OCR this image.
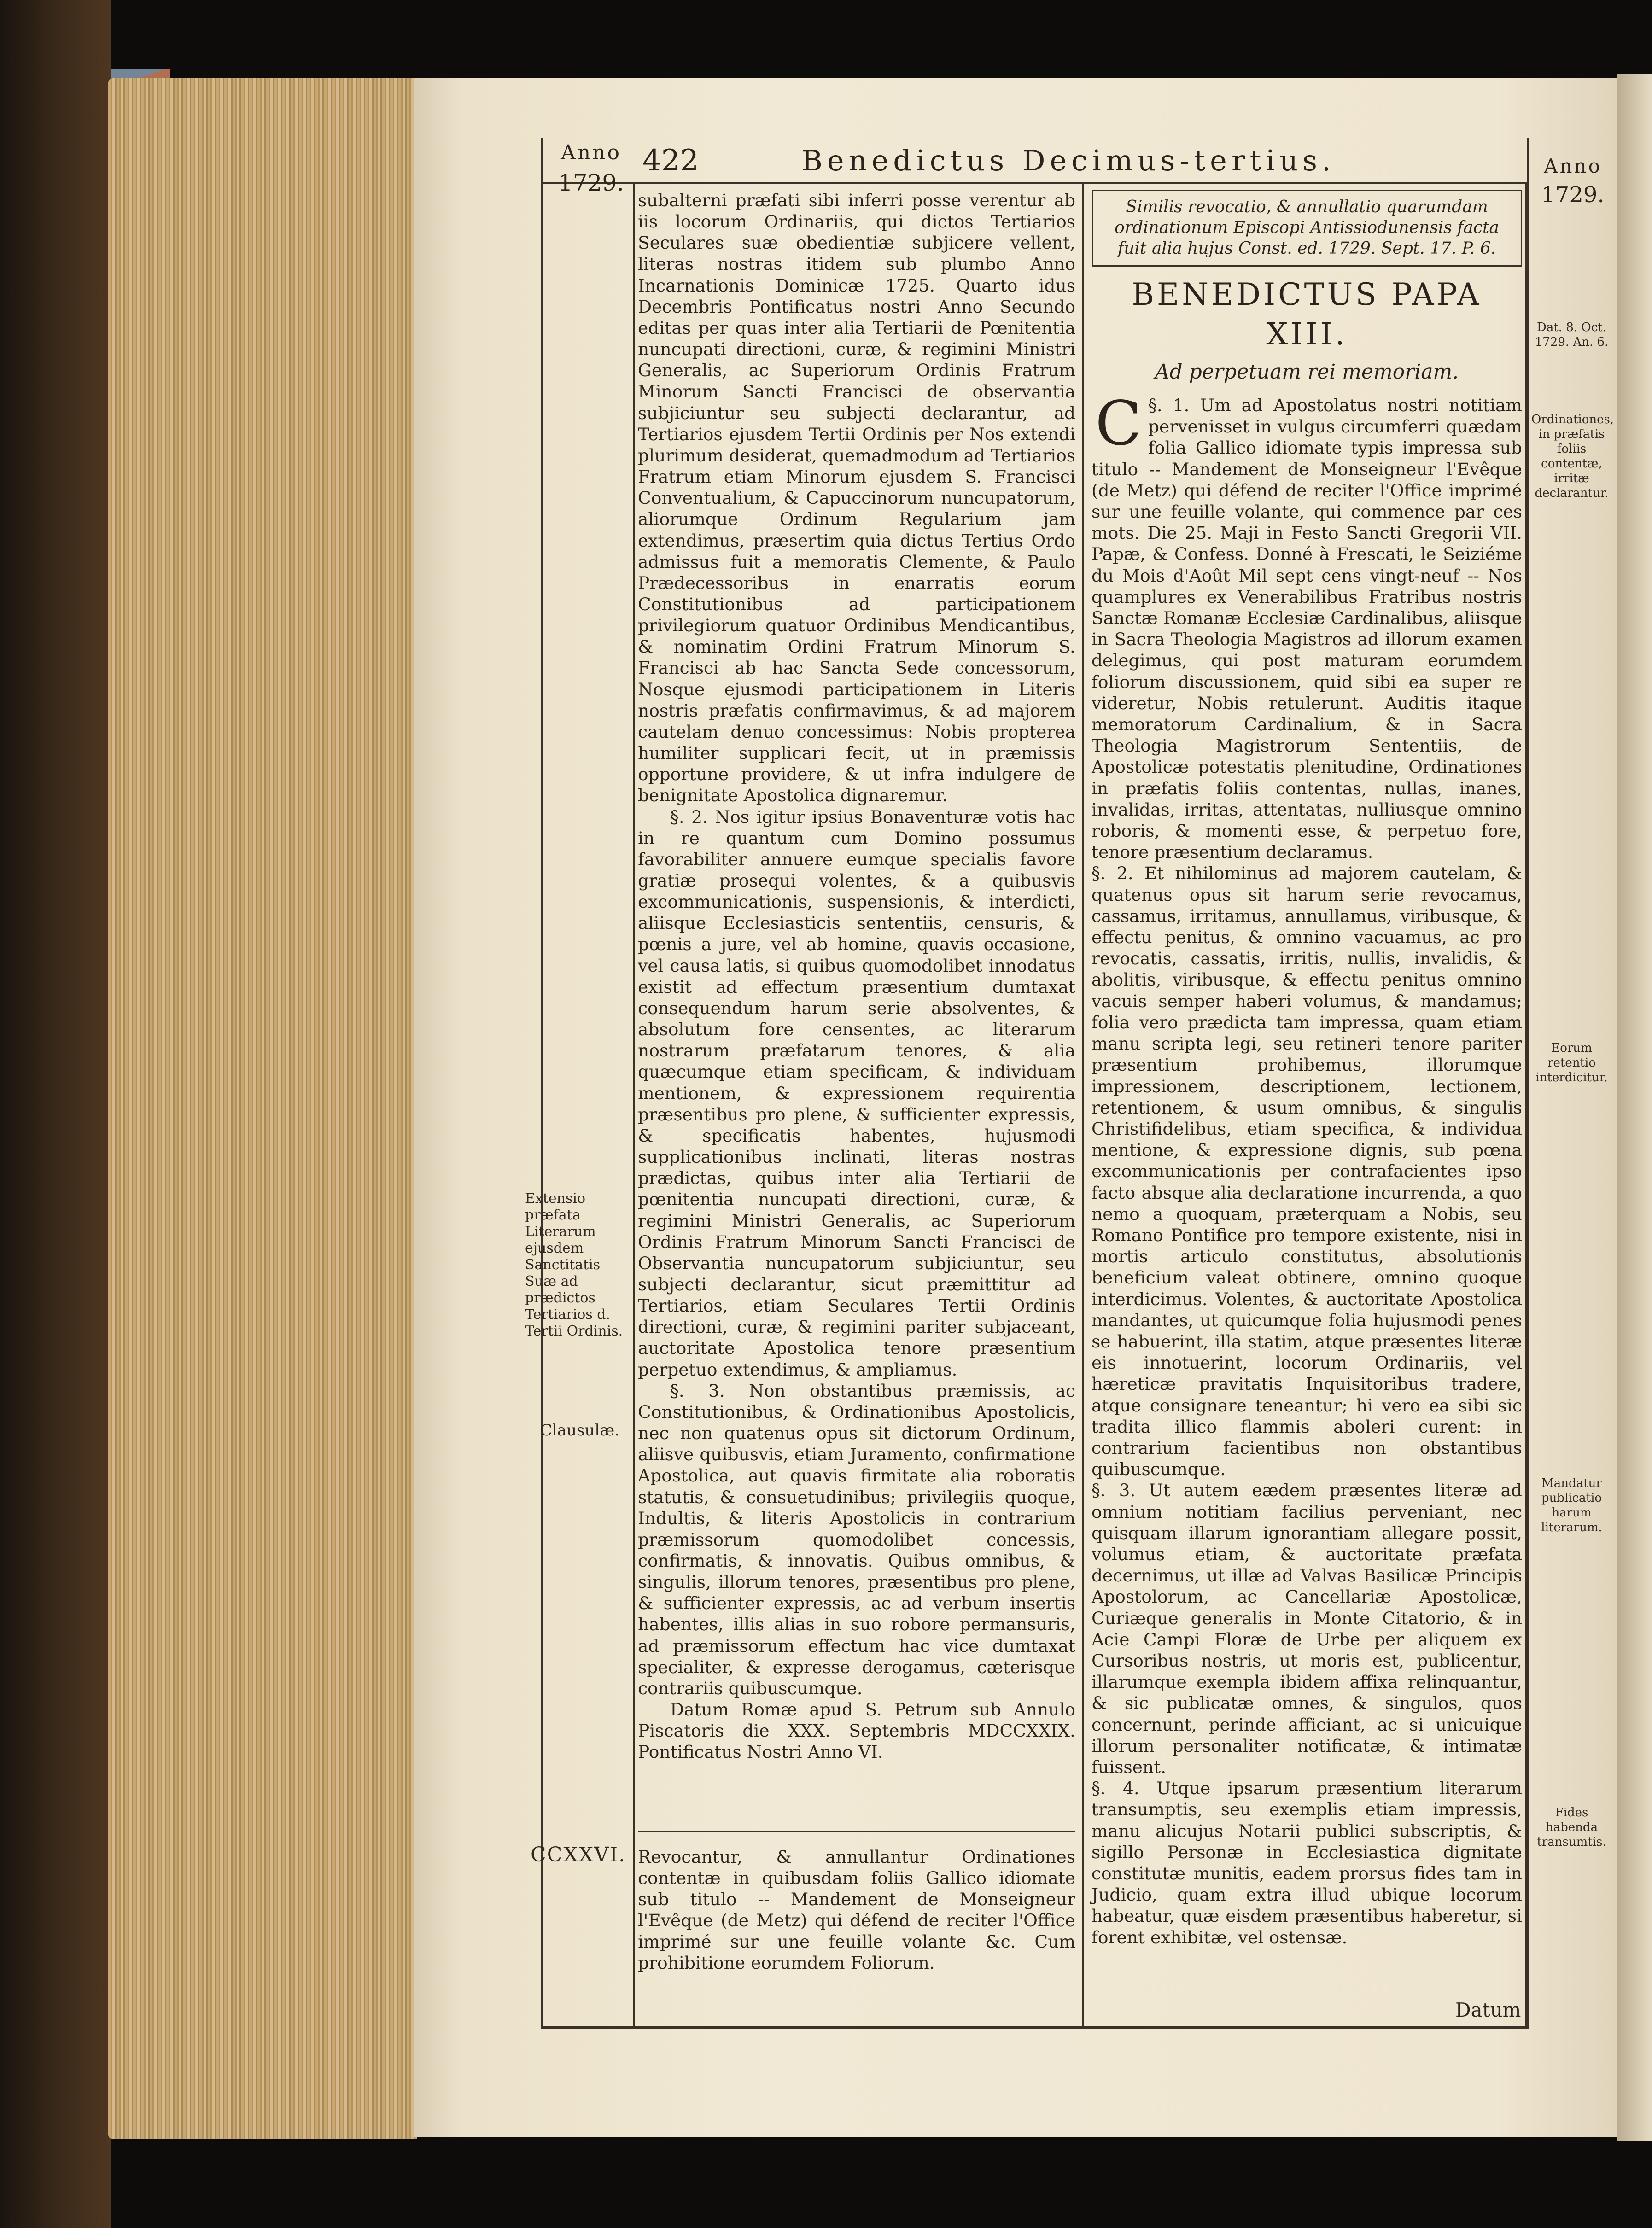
Anno
1729.
422	Benedictus Decimus-tertius.	Anno
1729.

subalterni præfati sibi inferri posse verentur ab iis locorum Ordinariis, qui dictos Tertiarios Seculares suæ obedientiæ subjicere vellent, literas nostras itidem sub plumbo Anno Incarnationis Dominicæ 1725. Quarto idus Decembris Pontificatus nostri Anno Secundo editas per quas inter alia Tertiarii de Pœnitentia nuncupati directioni, curæ, & regimini Ministri Generalis, ac Superiorum Ordinis Fratrum Minorum Sancti Francisci de observantia subjiciuntur seu subjecti declarantur, ad Tertiarios ejusdem Tertii Ordinis per Nos extendi plurimum desiderat, quemadmodum ad Tertiarios Fratrum etiam Minorum ejusdem S. Francisci Conventualium, & Capuccinorum nuncupatorum, aliorumque Ordinum Regularium jam extendimus, præsertim quia dictus Tertius Ordo admissus fuit a memoratis Clemente, & Paulo Prædecessoribus in enarratis eorum Constitutionibus ad participationem privilegiorum quatuor Ordinibus Mendicantibus, & nominatim Ordini Fratrum Minorum S. Francisci ab hac Sancta Sede concessorum, Nosque ejusmodi participationem in Literis nostris præfatis confirmavimus, & ad majorem cautelam denuo concessimus: Nobis propterea humiliter supplicari fecit, ut in præmissis opportune providere, & ut infra indulgere de benignitate Apostolica dignaremur.

§. 2. Nos igitur ipsius Bonaventuræ votis hac in re quantum cum Domino possumus favorabiliter annuere eumque specialis favore gratiæ prosequi volentes, & a quibusvis excommunicationis, suspensionis, & interdicti, aliisque Ecclesiasticis sententiis, censuris, & pœnis a jure, vel ab homine, quavis occasione, vel causa latis, si quibus quomodolibet innodatus existit ad effectum præsentium dumtaxat consequendum harum serie absolventes, & absolutum fore censentes, ac literarum nostrarum præfatarum tenores, & alia quæcumque etiam specificam, & individuam mentionem, & expressionem requirentia præsentibus pro plene, & sufficienter expressis, & specificatis habentes, hujusmodi supplicationibus inclinati, literas nostras prædictas, quibus inter alia Tertiarii de pœnitentia nuncupati directioni, curæ, & regimini Ministri Generalis, ac Superiorum Ordinis Fratrum Minorum Sancti Francisci de Observantia nuncupatorum subjiciuntur, seu subjecti declarantur, sicut præmittitur ad Tertiarios, etiam Seculares Tertii Ordinis directioni, curæ, & regimini pariter subjaceant, auctoritate Apostolica tenore præsentium perpetuo extendimus, & ampliamus.

§. 3. Non obstantibus præmissis, ac Constitutionibus, & Ordinationibus Apostolicis, nec non quatenus opus sit dictorum Ordinum, aliisve quibusvis, etiam Juramento, confirmatione Apostolica, aut quavis firmitate alia roboratis statutis, & consuetudinibus; privilegiis quoque, Indultis, & literis Apostolicis in contrarium præmissorum quomodolibet concessis, confirmatis, & innovatis. Quibus omnibus, & singulis, illorum tenores, præsentibus pro plene, & sufficienter expressis, ac ad verbum insertis habentes, illis alias in suo robore permansuris, ad præmissorum effectum hac vice dumtaxat specialiter, & expresse derogamus, cæterisque contrariis quibuscumque.

Datum Romæ apud S. Petrum sub Annulo Piscatoris die XXX. Septembris MDCCXXIX. Pontificatus Nostri Anno VI.

Revocantur, & annullantur Ordinationes contentæ in quibusdam foliis Gallico idiomate sub titulo -- Mandement de Monseigneur l'Evêque (de Metz) qui défend de reciter l'Office imprimé sur une feuille volante &c. Cum prohibitione eorumdem Foliorum.
Similis revocatio, & annullatio quarumdam ordinationum Episcopi Antissiodunensis facta fuit alia hujus Const. ed. 1729. Sept. 17. P. 6.
BENEDICTUS PAPA XIII.
Ad perpetuam rei memoriam.

§. 1.
C	Um ad Apostolatus nostri notitiam pervenisset in vulgus circumferri quædam folia Gallico idiomate typis impressa sub titulo -- Mandement de Monseigneur l'Evêque (de Metz) qui défend de reciter l'Office imprimé sur une feuille volante, qui commence par ces mots. Die 25. Maji in Festo Sancti Gregorii VII. Papæ, & Confess. Donné à Frescati, le Seiziéme du Mois d'Août Mil sept cens vingt-neuf -- Nos quamplures ex Venerabilibus Fratribus nostris Sanctæ Romanæ Ecclesiæ Cardinalibus, aliisque in Sacra Theologia Magistros ad illorum examen delegimus, qui post maturam eorumdem foliorum discussionem, quid sibi ea super re videretur, Nobis retulerunt. Auditis itaque memoratorum Cardinalium, & in Sacra Theologia Magistrorum Sententiis, de Apostolicæ potestatis plenitudine, Ordinationes in præfatis foliis contentas, nullas, inanes, invalidas, irritas, attentatas, nulliusque omnino roboris, & momenti esse, & perpetuo fore, tenore præsentium declaramus.

§. 2. Et nihilominus ad majorem cautelam, & quatenus opus sit harum serie revocamus, cassamus, irritamus, annullamus, viribusque, & effectu penitus, & omnino vacuamus, ac pro revocatis, cassatis, irritis, nullis, invalidis, & abolitis, viribusque, & effectu penitus omnino vacuis semper haberi volumus, & mandamus; folia vero prædicta tam impressa, quam etiam manu scripta legi, seu retineri tenore pariter præsentium prohibemus, illorumque impressionem, descriptionem, lectionem, retentionem, & usum omnibus, & singulis Christifidelibus, etiam specifica, & individua mentione, & expressione dignis, sub pœna excommunicationis per contrafacientes ipso facto absque alia declaratione incurrenda, a quo nemo a quoquam, præterquam a Nobis, seu Romano Pontifice pro tempore existente, nisi in mortis articulo constitutus, absolutionis beneficium valeat obtinere, omnino quoque interdicimus. Volentes, & auctoritate Apostolica mandantes, ut quicumque folia hujusmodi penes se habuerint, illa statim, atque præsentes literæ eis innotuerint, locorum Ordinariis, vel hæreticæ pravitatis Inquisitoribus tradere, atque consignare teneantur; hi vero ea sibi sic tradita illico flammis aboleri curent: in contrarium facientibus non obstantibus quibuscumque.

§. 3. Ut autem eædem præsentes literæ ad omnium notitiam facilius perveniant, nec quisquam illarum ignorantiam allegare possit, volumus etiam, & auctoritate præfata decernimus, ut illæ ad Valvas Basilicæ Principis Apostolorum, ac Cancellariæ Apostolicæ, Curiæque generalis in Monte Citatorio, & in Acie Campi Floræ de Urbe per aliquem ex Cursoribus nostris, ut moris est, publicentur, illarumque exempla ibidem affixa relinquantur, & sic publicatæ omnes, & singulos, quos concernunt, perinde afficiant, ac si unicuique illorum personaliter notificatæ, & intimatæ fuissent.

§. 4. Utque ipsarum præsentium literarum transumptis, seu exemplis etiam impressis, manu alicujus Notarii publici subscriptis, & sigillo Personæ in Ecclesiastica dignitate constitutæ munitis, eadem prorsus fides tam in Judicio, quam extra illud ubique locorum habeatur, quæ eisdem præsentibus haberetur, si forent exhibitæ, vel ostensæ.

Extensio præfata Literarum ejusdem Sanctitatis Suæ ad prædictos Tertiarios d. Tertii Ordinis.
Clausulæ.
CCXXVI.
Dat. 8. Oct. 1729. An. 6.
Ordinationes, in præfatis foliis contentæ, irritæ declarantur.
Eorum retentio interdicitur.
Mandatur publicatio harum literarum.
Fides habenda transumtis.
Datum
